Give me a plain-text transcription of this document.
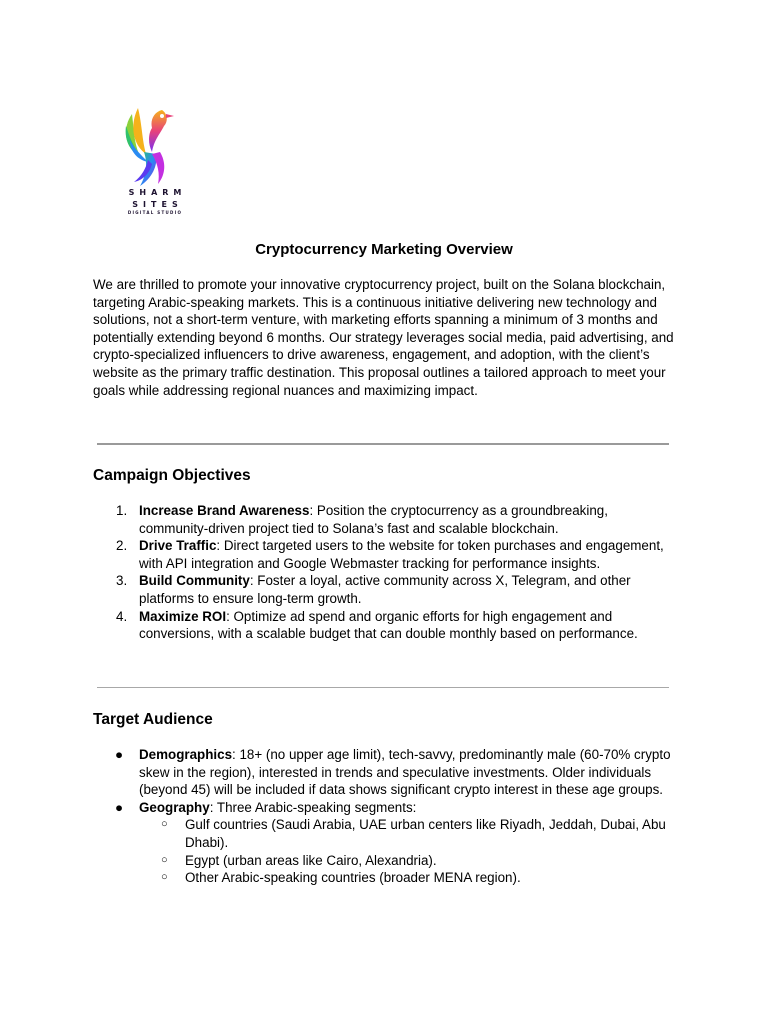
SHARM
SITES
DIGITAL STUDIO
Cryptocurrency Marketing Overview

We are thrilled to promote your innovative cryptocurrency project, built on the Solana blockchain, targeting Arabic-speaking markets. This is a continuous initiative delivering new technology and solutions, not a short-term venture, with marketing efforts spanning a minimum of 3 months and potentially extending beyond 6 months. Our strategy leverages social media, paid advertising, and crypto-specialized influencers to drive awareness, engagement, and adoption, with the client’s website as the primary traffic destination. This proposal outlines a tailored approach to meet your goals while addressing regional nuances and maximizing impact.

Campaign Objectives
1. Increase Brand Awareness: Position the cryptocurrency as a groundbreaking, community-driven project tied to Solana’s fast and scalable blockchain.
2. Drive Traffic: Direct targeted users to the website for token purchases and engagement, with API integration and Google Webmaster tracking for performance insights.
3. Build Community: Foster a loyal, active community across X, Telegram, and other platforms to ensure long-term growth.
4. Maximize ROI: Optimize ad spend and organic efforts for high engagement and conversions, with a scalable budget that can double monthly based on performance.
Target Audience
● Demographics: 18+ (no upper age limit), tech-savvy, predominantly male (60-70% crypto skew in the region), interested in trends and speculative investments. Older individuals (beyond 45) will be included if data shows significant crypto interest in these age groups.
● Geography: Three Arabic-speaking segments:
○ Gulf countries (Saudi Arabia, UAE urban centers like Riyadh, Jeddah, Dubai, Abu Dhabi).
○ Egypt (urban areas like Cairo, Alexandria).
○ Other Arabic-speaking countries (broader MENA region).
